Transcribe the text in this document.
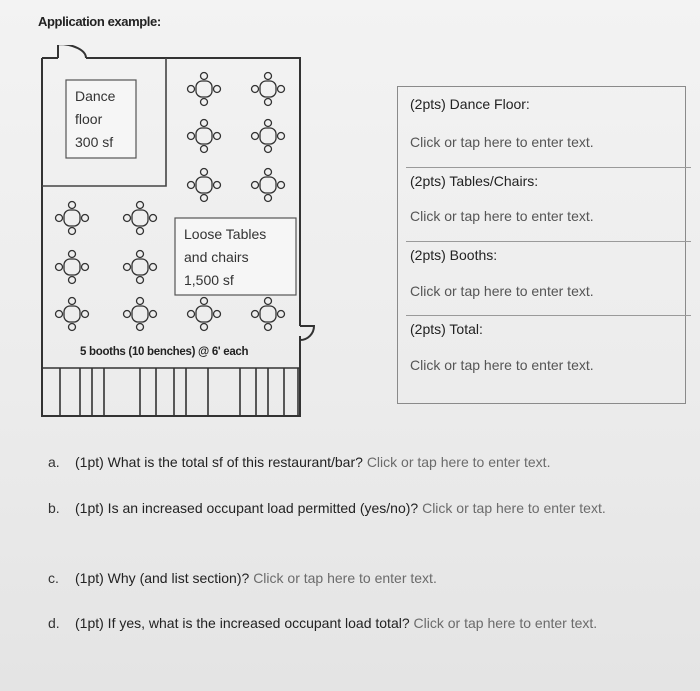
Application example:
Dance
floor
300 sf
Loose Tables
and chairs
1,500 sf
5 booths (10 benches) @ 6' each
(2pts) Dance Floor:
Click or tap here to enter text.
(2pts) Tables/Chairs:
Click or tap here to enter text.
(2pts) Booths:
Click or tap here to enter text.
(2pts) Total:
Click or tap here to enter text.
a. (1pt) What is the total sf of this restaurant/bar? Click or tap here to enter text.
b. (1pt) Is an increased occupant load permitted (yes/no)? Click or tap here to enter text.
c. (1pt) Why (and list section)? Click or tap here to enter text.
d. (1pt) If yes, what is the increased occupant load total? Click or tap here to enter text.
